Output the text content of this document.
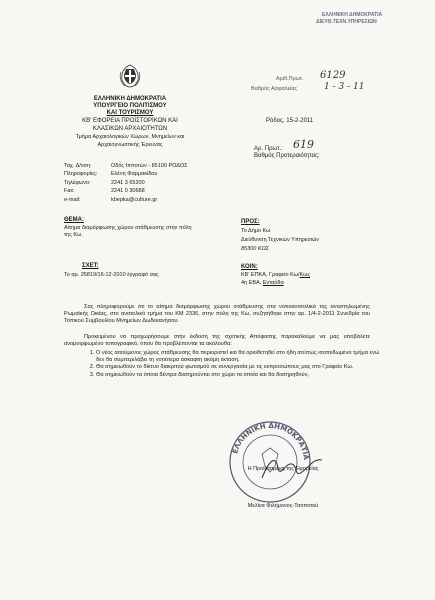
ΕΛΛΗΝΙΚΗ ΔΗΜΟΚΡΑΤΙΑ
ΔΙΕΥΘ.ΤΕΧΝ.ΥΠΗΡΕΣΙΩΝ
Αριθ.Πρωτ. 6129
Βαθμός Ασφαλείας	1 - 3 - 11
ΕΛΛΗΝΙΚΗ ΔΗΜΟΚΡΑΤΙΑ
ΥΠΟΥΡΓΕΙΟ ΠΟΛΙΤΙΣΜΟΥ
ΚΑΙ ΤΟΥΡΙΣΜΟΥ
ΚΒ' ΕΦΟΡΕΙΑ ΠΡΟΪΣΤΟΡΙΚΩΝ ΚΑΙ
ΚΛΑΣΙΚΩΝ ΑΡΧΑΙΟΤΗΤΩΝ
Τμήμα Αρχαιολογικών Χώρων, Μνημείων και
Αρχαιογνωστικής Έρευνας
Ρόδος, 15-2-2011
Αρ. Πρωτ.: 619
Βαθμός Προτεραιότητας:
Ταχ. Δ/νση:	Οδός Ιπποτών - 85100 ΡΟΔΟΣ
Πληροφορίες: Ελένη Φαρμακίδου
Τηλέφωνο:	2241 3 65200
Fax:	2241 0 30688
e-mail:	kbepka@culture.gr
ΘΕΜΑ:
Αίτημα διαμόρφωσης χώρου στάθμευσης στην πόλη
της Κω.
ΠΡΟΣ:
Το Δήμο Κω
Διεύθυνση Τεχνικών Υπηρεσιών
85300 ΚΩΣ
ΣΧΕΤ:
Το αρ. 25819/16-12-2010 έγγραφό σας
ΚΟΙΝ:
ΚΒ' ΕΠΚΑ, Γραφείο Κω/Κως
4η ΕΒΑ, Ενταύθα
Σας πληροφορούμε ότι το αίτημα διαμόρφωσης χώρου στάθμευσης στα νοτιοανατολικά της αναστηλωμένης Ρωμαϊκής Οικίας, στο ανατολικό τμήμα του ΚΜ 2336, στην πόλη της Κω, συζητήθηκε στην αρ. 1/4-2-2011 Συνεδρία του Τοπικού Συμβουλίου Μνημείων Δωδεκανήσου.
Προκειμένου να προχωρήσουμε στην έκδοση της σχετικής Απόφασης παρακαλούμε να μας υποβάλετε ανομοιρφωμένο τοπογραφικό, όπου θα προβλέπονται τα ακόλουθα:
1. Ο νέος αιτούμενος χώρος στάθμευσης θα περιοριστεί και θα οριοθετηθεί στο ήδη ατύπως ισοπεδωμένο τμήμα ενώ δεν θα συμπεριλάβει τη νοτιότερα άσκαφτη ακόμη έκταση.
2. Θα σημειωθούν το δίκτυο διακριτού φωτισμού σε συνεργασία με τις εκπροσώπους μας στο Γραφείο Κω.
3. Θα σημειωθούν τα όποια δέντρα διατηρούνται στο χώρο τα οποία και θα διατηρηθούν,
ΕΛΛΗΝΙΚΗ ΔΗΜΟΚΡΑΤΙΑ
Η Προϊσταμένη της Εφορείας
Μελίνα Φιλήμονος-Τσοποτού
